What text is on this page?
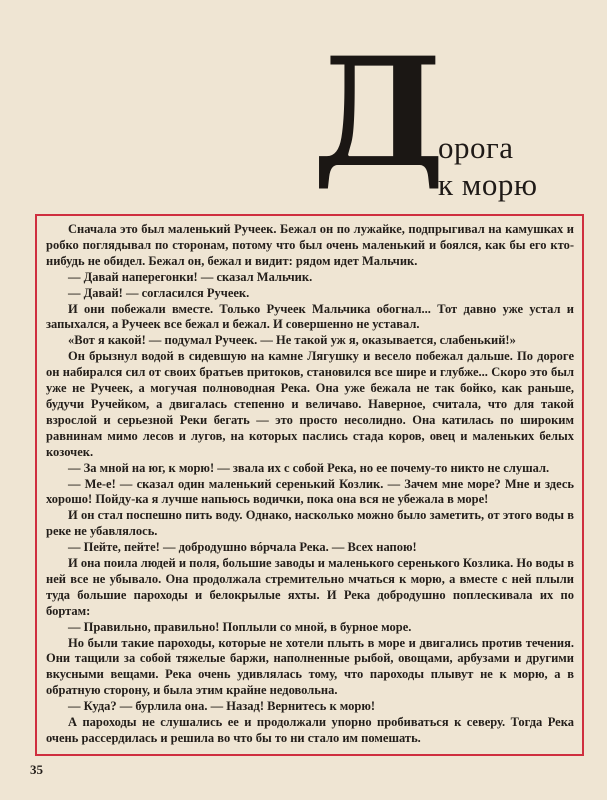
Д
орога
к морю

Сначала это был маленький Ручеек. Бежал он по лужайке, подпрыгивал на камушках и робко поглядывал по сторонам, потому что был очень маленький и боялся, как бы его кто-нибудь не обидел. Бежал он, бежал и видит: рядом идет Мальчик.

— Давай наперегонки! — сказал Мальчик.

— Давай! — согласился Ручеек.

И они побежали вместе. Только Ручеек Мальчика обогнал... Тот давно уже устал и запыхался, а Ручеек все бежал и бежал. И совершенно не уставал.

«Вот я какой! — подумал Ручеек. — Не такой уж я, оказывается, слабенький!»

Он брызнул водой в сидевшую на камне Лягушку и весело побежал дальше. По дороге он набирался сил от своих братьев притоков, становился все шире и глубже... Скоро это был уже не Ручеек, а могучая полноводная Река. Она уже бежала не так бойко, как раньше, будучи Ручейком, а двигалась степенно и величаво. Наверное, считала, что для такой взрослой и серьезной Реки бегать — это просто несолидно. Она катилась по широким равнинам мимо лесов и лугов, на которых паслись стада коров, овец и маленьких белых козочек.

— За мной на юг, к морю! — звала их с собой Река, но ее почему-то никто не слушал.

— Ме-е! — сказал один маленький серенький Козлик. — Зачем мне море? Мне и здесь хорошо! Пойду-ка я лучше напьюсь водички, пока она вся не убежала в море!

И он стал поспешно пить воду. Однако, насколько можно было заметить, от этого воды в реке не убавлялось.

— Пейте, пейте! — добродушно вóрчала Река. — Всех напою!

И она поила людей и поля, большие заводы и маленького серенького Козлика. Но воды в ней все не убывало. Она продолжала стремительно мчаться к морю, а вместе с ней плыли туда большие пароходы и белокрылые яхты. И Река добродушно поплескивала их по бортам:

— Правильно, правильно! Поплыли со мной, в бурное море.

Но были такие пароходы, которые не хотели плыть в море и двигались против течения. Они тащили за собой тяжелые баржи, наполненные рыбой, овощами, арбузами и другими вкусными вещами. Река очень удивлялась тому, что пароходы плывут не к морю, а в обратную сторону, и была этим крайне недовольна.

— Куда? — бурлила она. — Назад! Вернитесь к морю!

А пароходы не слушались ее и продолжали упорно пробиваться к северу. Тогда Река очень рассердилась и решила во что бы то ни стало им помешать.

35
